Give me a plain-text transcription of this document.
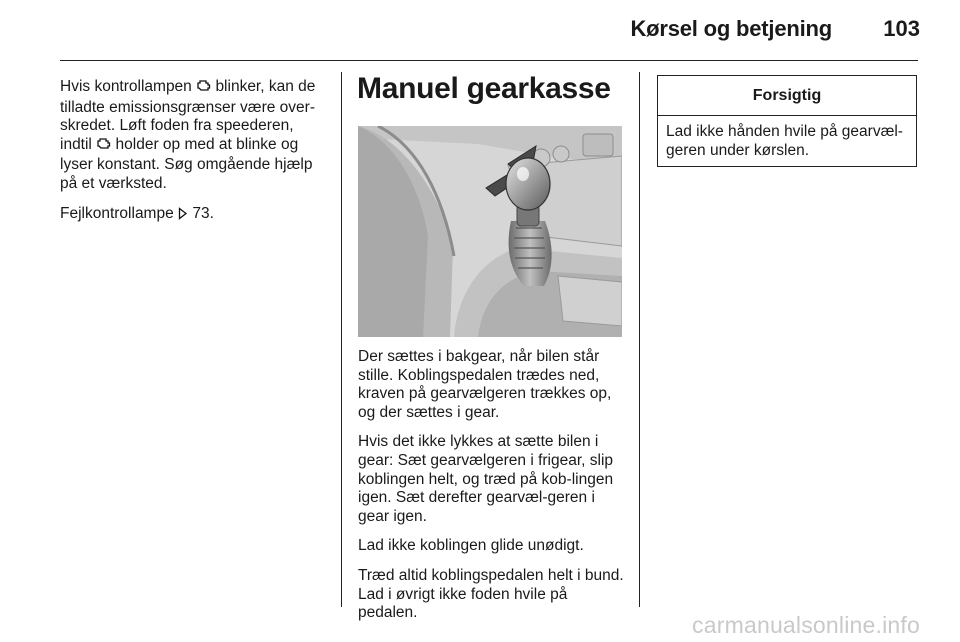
Kørsel og betjening 103

Hvis kontrollampen blinker, kan de tilladte emissionsgrænser være over-skredet. Løft foden fra speederen, indtil holder op med at blinke og lyser konstant. Søg omgående hjælp på et værksted.

Fejlkontrollampe 73.

Manuel gearkasse

Der sættes i bakgear, når bilen står stille. Koblingspedalen trædes ned, kraven på gearvælgeren trækkes op, og der sættes i gear.

Hvis det ikke lykkes at sætte bilen i gear: Sæt gearvælgeren i frigear, slip koblingen helt, og træd på kob-lingen igen. Sæt derefter gearvæl-geren i gear igen.

Lad ikke koblingen glide unødigt.

Træd altid koblingspedalen helt i bund. Lad i øvrigt ikke foden hvile på pedalen.

Forsigtig
Lad ikke hånden hvile på gearvæl-geren under kørslen.
carmanualsonline.info
